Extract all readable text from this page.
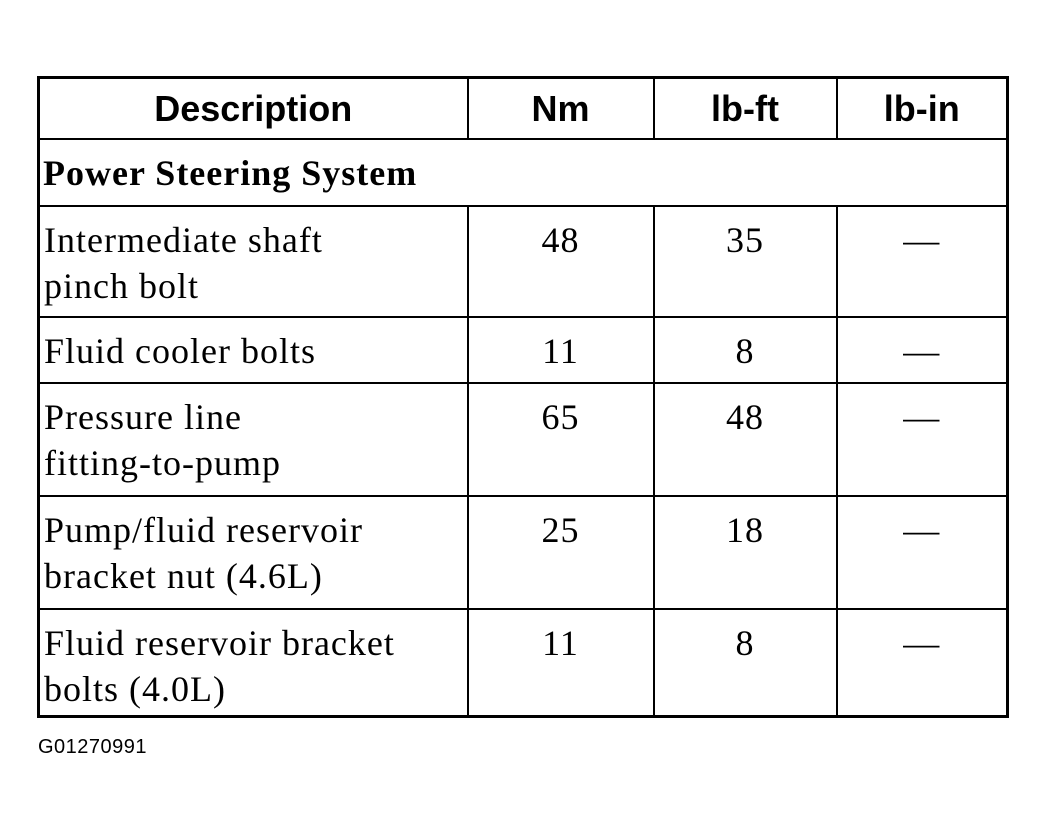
Description	Nm	lb-ft	lb-in
Power Steering System			

Intermediate shaft
pinch bolt	48	35	—

Fluid cooler bolts	11	8	—

Pressure line
fitting-to-pump	65	48	—

Pump/fluid reservoir
bracket nut (4.6L)	25	18	—

Fluid reservoir bracket
bolts (4.0L)	11	8	—
G01270991
